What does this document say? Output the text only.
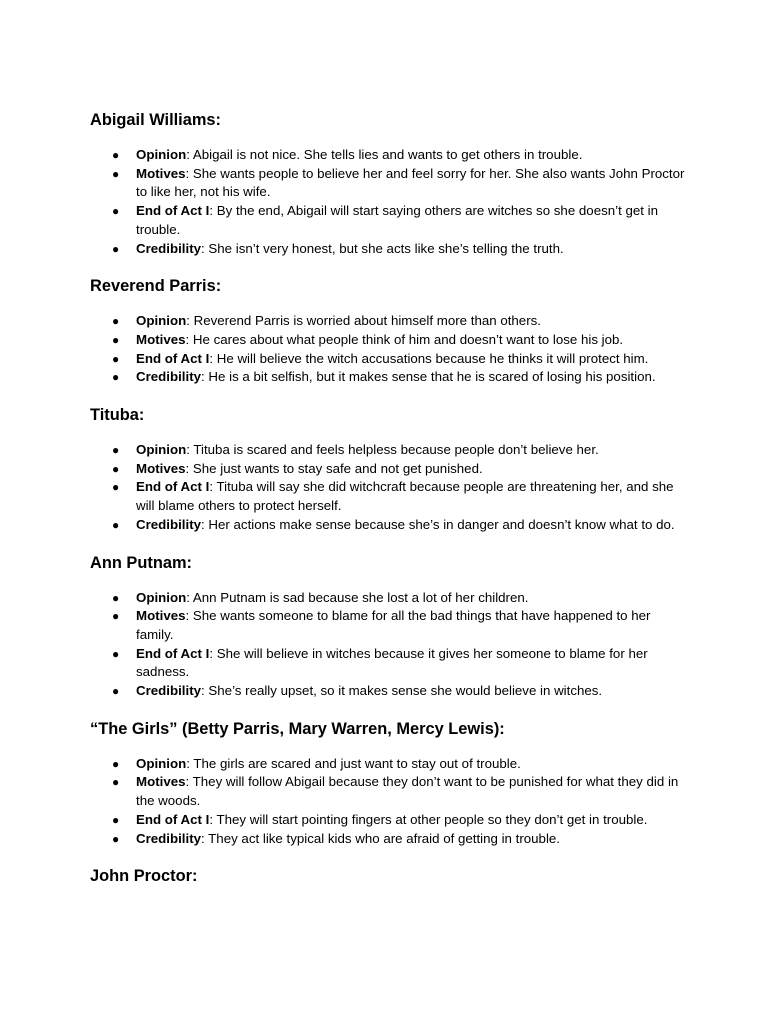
Abigail Williams:
● Opinion: Abigail is not nice. She tells lies and wants to get others in trouble.
● Motives: She wants people to believe her and feel sorry for her. She also wants John Proctor to like her, not his wife.
● End of Act I: By the end, Abigail will start saying others are witches so she doesn’t get in trouble.
● Credibility: She isn’t very honest, but she acts like she’s telling the truth.
Reverend Parris:
● Opinion: Reverend Parris is worried about himself more than others.
● Motives: He cares about what people think of him and doesn’t want to lose his job.
● End of Act I: He will believe the witch accusations because he thinks it will protect him.
● Credibility: He is a bit selfish, but it makes sense that he is scared of losing his position.
Tituba:
● Opinion: Tituba is scared and feels helpless because people don’t believe her.
● Motives: She just wants to stay safe and not get punished.
● End of Act I: Tituba will say she did witchcraft because people are threatening her, and she will blame others to protect herself.
● Credibility: Her actions make sense because she’s in danger and doesn’t know what to do.
Ann Putnam:
● Opinion: Ann Putnam is sad because she lost a lot of her children.
● Motives: She wants someone to blame for all the bad things that have happened to her family.
● End of Act I: She will believe in witches because it gives her someone to blame for her sadness.
● Credibility: She’s really upset, so it makes sense she would believe in witches.
“The Girls” (Betty Parris, Mary Warren, Mercy Lewis):
● Opinion: The girls are scared and just want to stay out of trouble.
● Motives: They will follow Abigail because they don’t want to be punished for what they did in the woods.
● End of Act I: They will start pointing fingers at other people so they don’t get in trouble.
● Credibility: They act like typical kids who are afraid of getting in trouble.
John Proctor:
